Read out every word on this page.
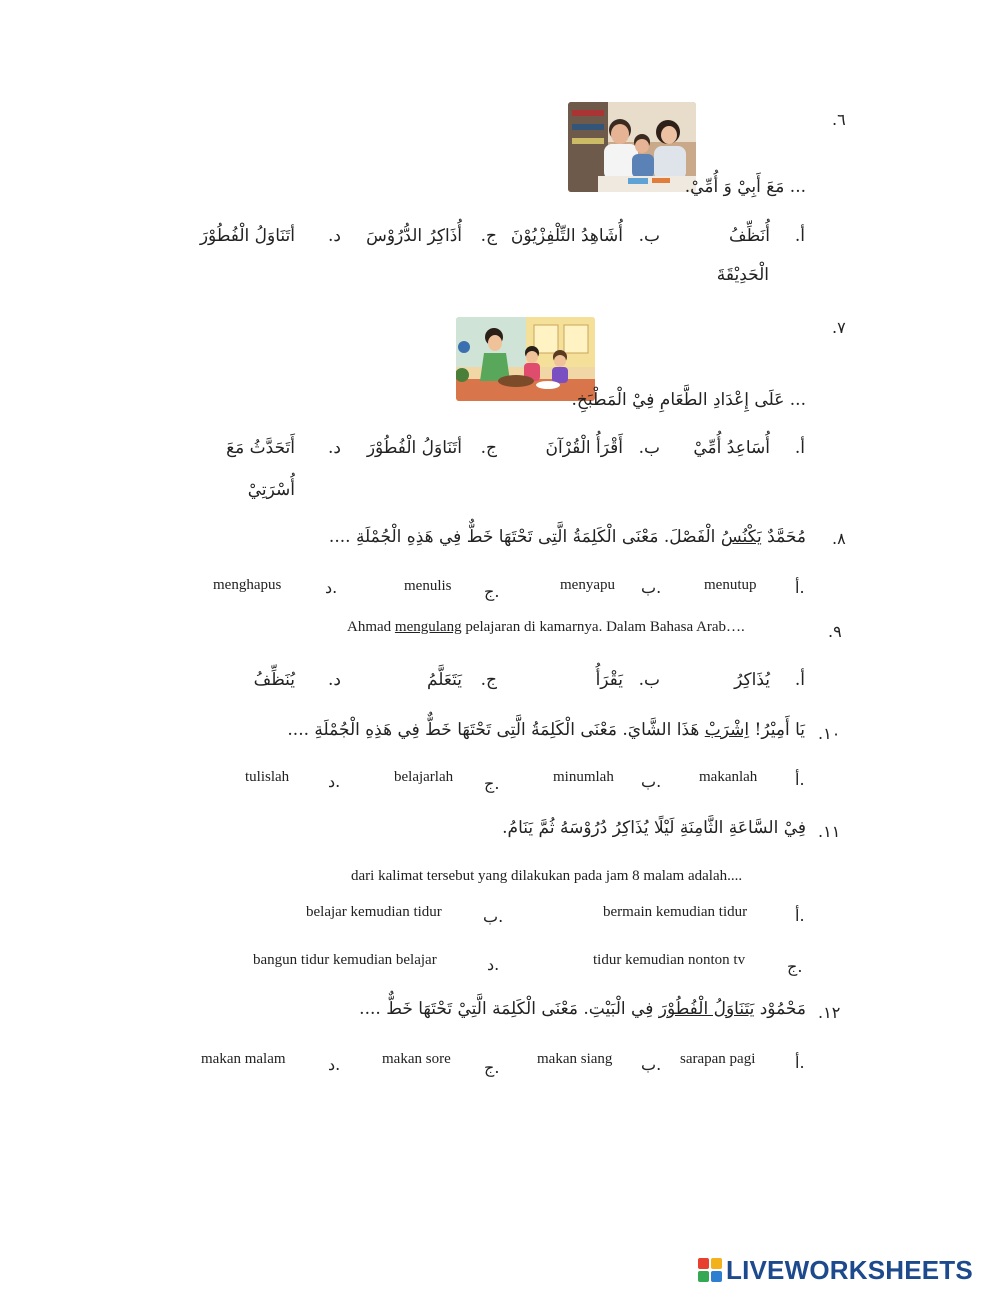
.٦
... مَعَ أَبِيْ وَ أُمِّيْ.
أ.
أُنَظِّفُ
الْحَدِيْقَةَ
ب.
أُشَاهِدُ التِّلْفِزْيُوْنَ
ج.
أُذَاكِرُ الدُّرُوْسَ
د.
أتَنَاوَلُ الْفُطُوْرَ
.٧
... عَلَى إِعْدَادِ الطَّعَامِ فِيْ الْمَطْبَخِ.
أ.
أُسَاعِدُ أُمِّيْ
ب.
أَقْرَأُ الْقُرْآنَ
ج.
أتَنَاوَلُ الْفُطُوْرَ
د.
أَتَحَدَّثُ مَعَ
أُسْرَتِيْ
.٨
مُحَمَّدٌ يَكْنُسُ الْفَصْلَ. مَعْنَى الْكَلِمَةُ الَّتِى تَحْتَهَا خَطٌّ فِي هَذِهِ الْجُمْلَةِ ....
أ.
menutup
ب.
menyapu
ج.
menulis
د.
menghapus
.٩
Ahmad mengulang pelajaran di kamarnya. Dalam Bahasa Arab….
أ.
يُذَاكِرُ
ب.
يَقْرَأُ
ج.
يَتَعَلَّمُ
د.
يُنَظِّفُ
.١٠
يَا أَمِيْرُ! اِشْرَبْ هَذَا الشَّايَ. مَعْنَى الْكَلِمَةُ الَّتِى تَحْتَهَا خَطٌّ فِي هَذِهِ الْجُمْلَةِ ....
أ.
makanlah
ب.
minumlah
ج.
belajarlah
د.
tulislah
.١١
فِيْ السَّاعَةِ الثَّامِنَةِ لَيْلًا يُذَاكِرُ دُرُوْسَهُ ثُمَّ يَنَامُ.
dari kalimat tersebut yang dilakukan pada jam 8 malam adalah....
أ.
bermain kemudian tidur
ب.
belajar kemudian tidur
ج.
tidur kemudian nonton tv
د.
bangun tidur kemudian belajar
.١٢
مَحْمُوْد يَتَنَاوَلُ الْفُطُوْرَ فِي الْبَيْتِ. مَعْنَى الْكَلِمَة الَّتِيْ تَحْتَهَا خَطٌّ ....
أ.
sarapan pagi
ب.
makan siang
ج.
makan sore
د.
makan malam
LIVEWORKSHEETS
